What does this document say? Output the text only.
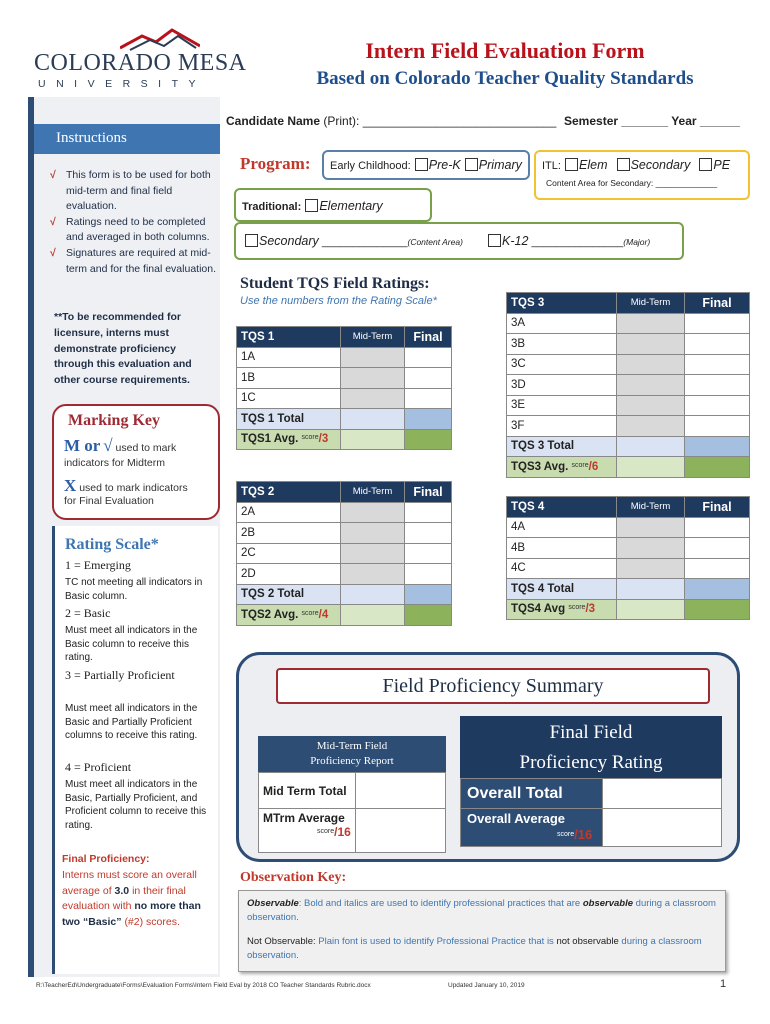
COLORADO MESA
UNIVERSITY
Intern Field Evaluation Form
Based on Colorado Teacher Quality Standards
Instructions
√ This form is to be used for both mid-term and final field evaluation.
√ Ratings need to be completed and averaged in both columns.
√ Signatures are required at mid-term and for the final evaluation.
**To be recommended for licensure, interns must demonstrate proficiency through this evaluation and other course requirements.
Marking Key
M or √ used to mark
indicators for Midterm
X used to mark indicators
for Final Evaluation
Rating Scale*
1 = Emerging
TC not meeting all indicators in Basic column.
2 = Basic
Must meet all indicators in the Basic column to receive this rating.
3 = Partially Proficient
Must meet all indicators in the Basic and Partially Proficient columns to receive this rating.
4 = Proficient
Must meet all indicators in the Basic, Partially Proficient, and Proficient column to receive this rating.
Final Proficiency:
Interns must score an overall average of 3.0 in their final evaluation with no more than two “Basic” (#2) scores.
Candidate Name (Print): _____________________________ Semester _______ Year ______
Program:	Early Childhood: Pre-K Primary	ITL: Elem Secondary PE
Content Area for Secondary: _____________
Traditional: Elementary
Secondary ______________(Content Area)	K-12 _______________(Major)
Student TQS Field Ratings:
Use the numbers from the Rating Scale*
TQS 1	Mid-Term	Final
1A		
1B		
1C		
TQS 1 Total		
TQS1 Avg. $^{score}$/3		
TQS 2	Mid-Term	Final
2A		
2B		
2C		
2D		
TQS 2 Total		
TQS2 Avg. $^{score}$/4		
TQS 3	Mid-Term	Final
3A		
3B		
3C		
3D		
3E		
3F		
TQS 3 Total		
TQS3 Avg. $^{score}$/6		
TQS 4	Mid-Term	Final
4A		
4B		
4C		
TQS 4 Total		
TQS4 Avg $^{score}$/3		
Field Proficiency Summary
Mid-Term Field
Proficiency Report
Mid Term Total	
MTrm Average
$^{score}$/16	
Final Field
Proficiency Rating
Overall Total	
Overall Average
$^{score}$/16	
Observation Key:
Observable: Bold and italics are used to identify professional practices that are observable during a classroom observation.
Not Observable: Plain font is used to identify Professional Practice that is not observable during a classroom observation.
R:\TeacherEd\Undergraduate\Forms\Evaluation Forms\Intern Field Eval by 2018 CO Teacher Standards Rubric.docx	Updated January 10, 2019	1
